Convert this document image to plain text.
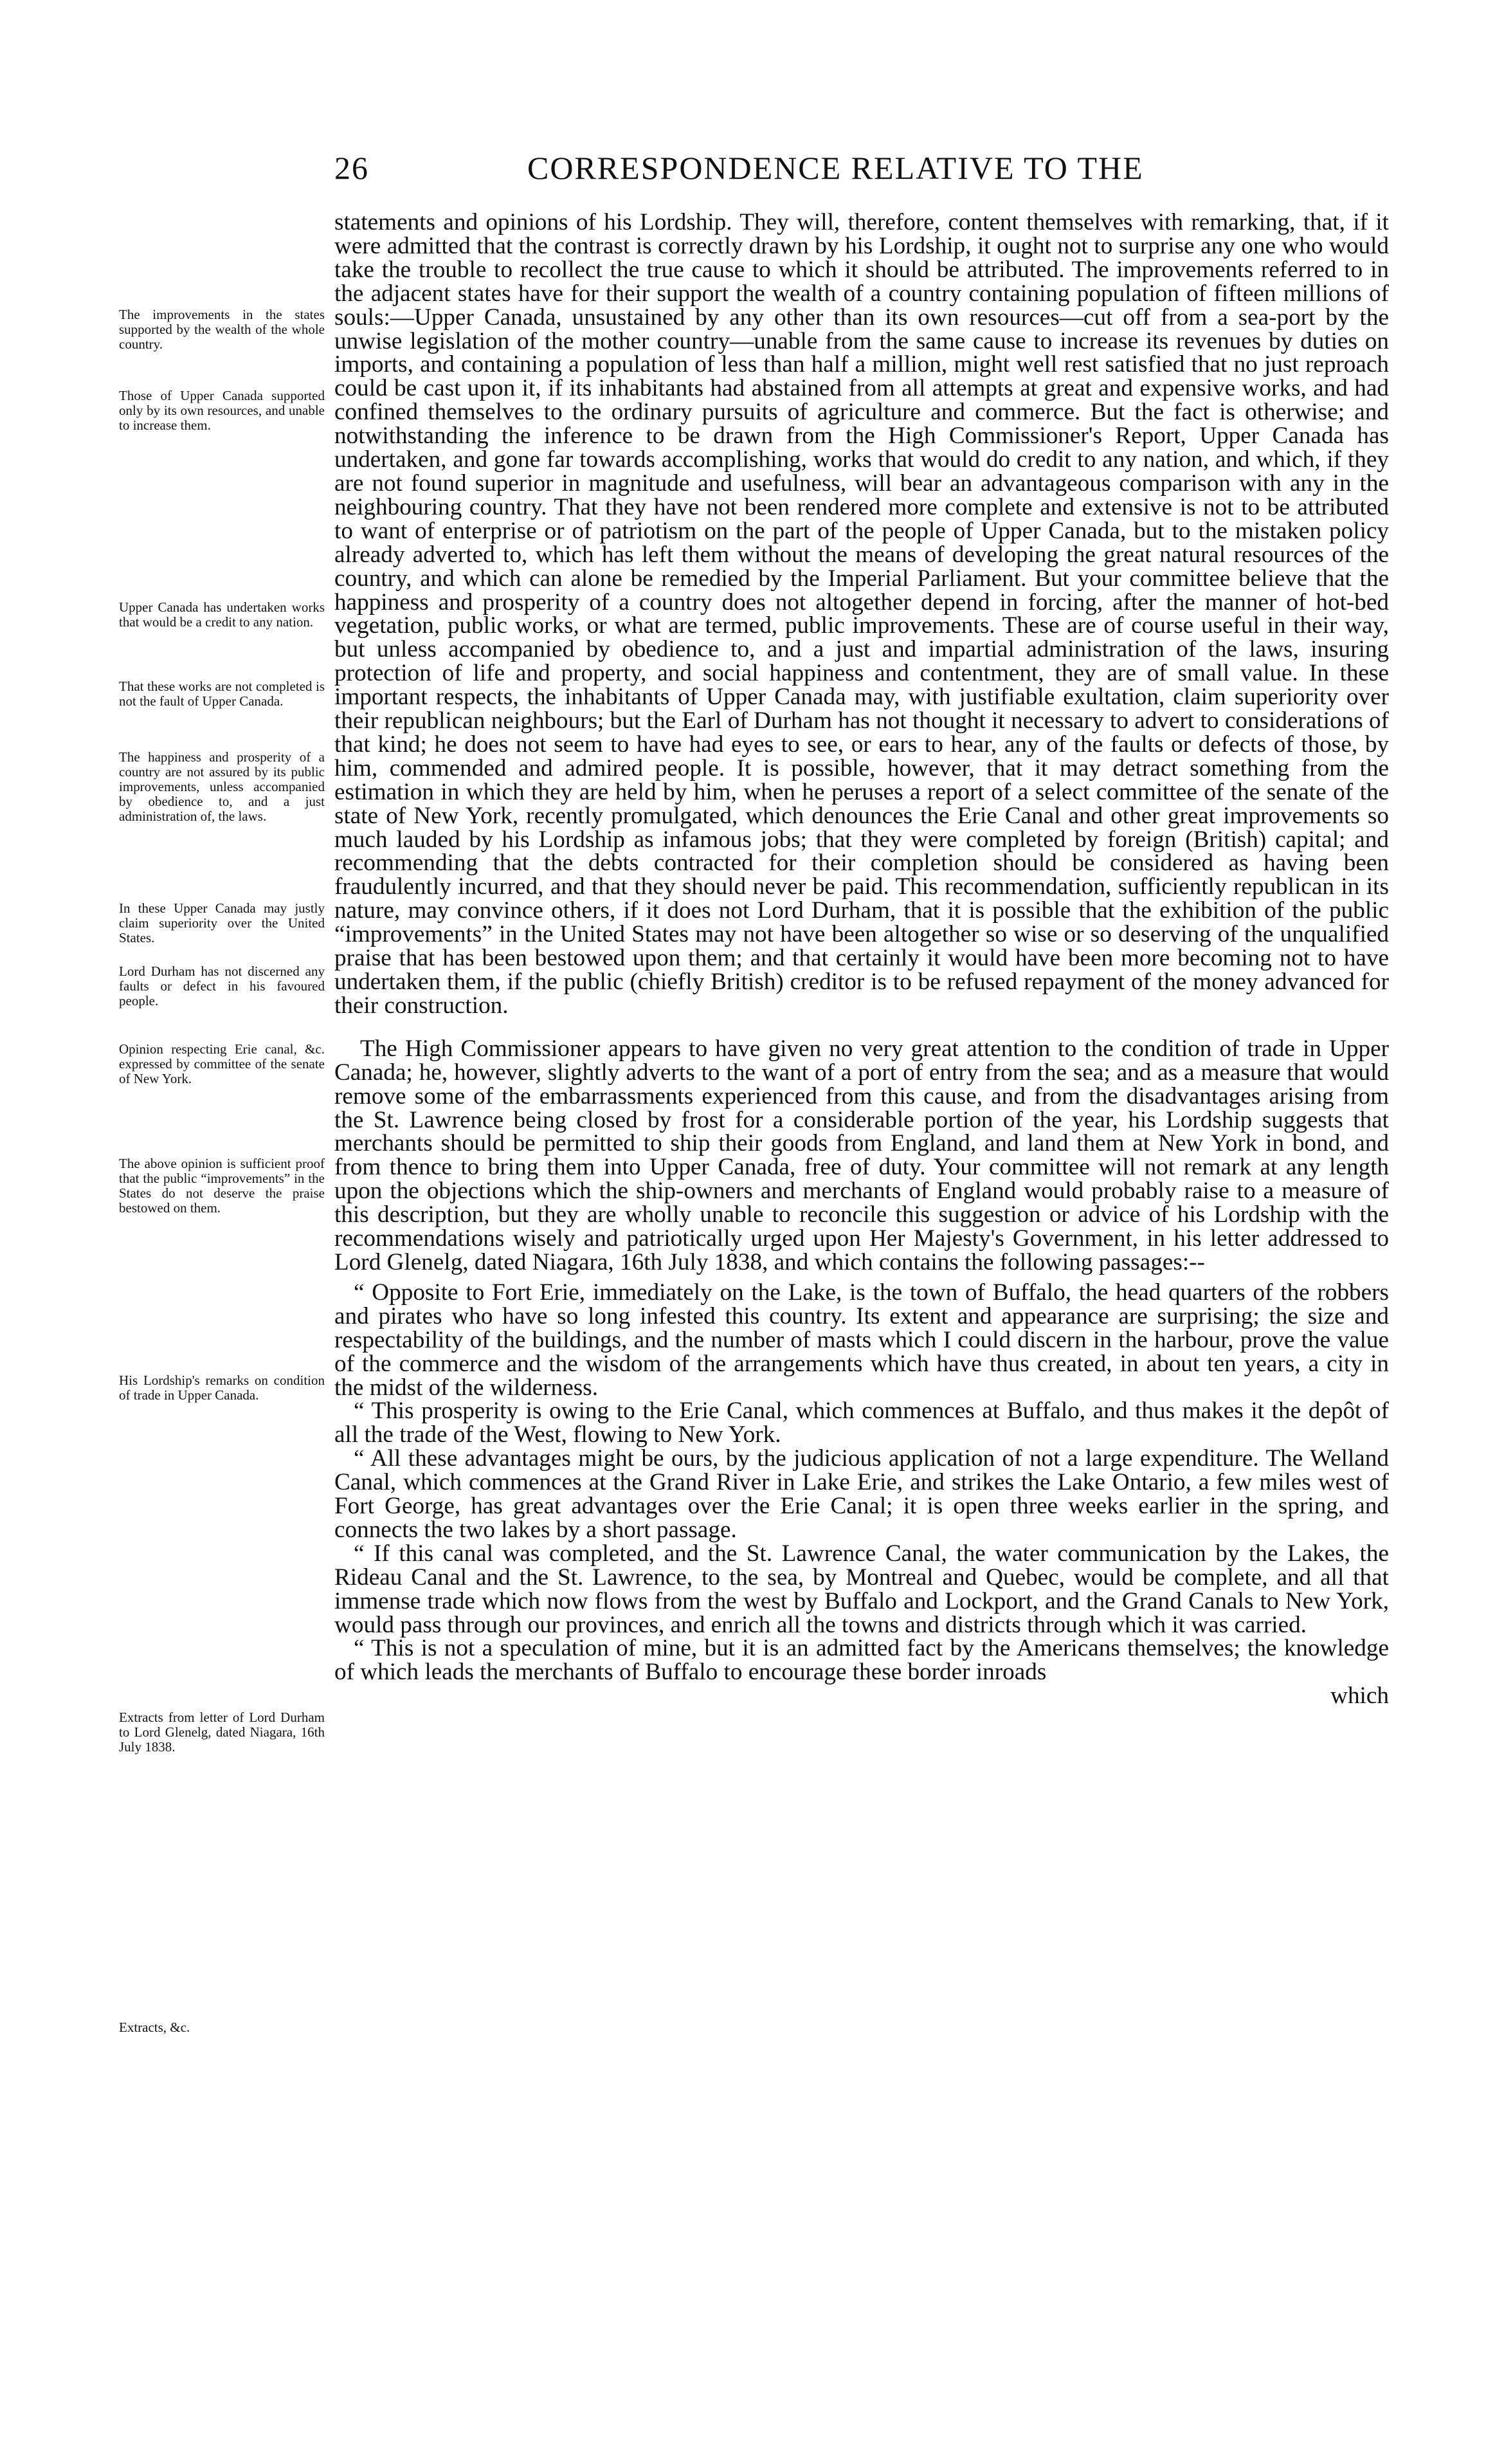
26	CORRESPONDENCE RELATIVE TO THE
The improvements in the states supported by the wealth of the whole country.
Those of Upper Canada supported only by its own resources, and unable to increase them.
Upper Canada has undertaken works that would be a credit to any nation.
That these works are not completed is not the fault of Upper Canada.
The happiness and prosperity of a country are not assured by its public improvements, unless accompanied by obedience to, and a just administration of, the laws.
In these Upper Canada may justly claim superiority over the United States.
Lord Durham has not discerned any faults or defect in his favoured people.
Opinion respecting Erie canal, &c. expressed by committee of the senate of New York.
The above opinion is sufficient proof that the public “improvements” in the States do not deserve the praise bestowed on them.
His Lordship's remarks on condition of trade in Upper Canada.
Extracts from letter of Lord Durham to Lord Glenelg, dated Niagara, 16th July 1838.
Extracts, &c.

statements and opinions of his Lordship. They will, therefore, content themselves with remarking, that, if it were admitted that the contrast is correctly drawn by his Lordship, it ought not to surprise any one who would take the trouble to recollect the true cause to which it should be attributed. The improvements referred to in the adjacent states have for their support the wealth of a country containing population of fifteen millions of souls:—Upper Canada, unsustained by any other than its own resources—cut off from a sea-port by the unwise legislation of the mother country—unable from the same cause to increase its revenues by duties on imports, and containing a population of less than half a million, might well rest satisfied that no just reproach could be cast upon it, if its inhabitants had abstained from all attempts at great and expensive works, and had confined themselves to the ordinary pursuits of agriculture and commerce. But the fact is otherwise; and notwithstanding the inference to be drawn from the High Commissioner's Report, Upper Canada has undertaken, and gone far towards accomplishing, works that would do credit to any nation, and which, if they are not found superior in magnitude and usefulness, will bear an advantageous comparison with any in the neighbouring country. That they have not been rendered more complete and extensive is not to be attributed to want of enterprise or of patriotism on the part of the people of Upper Canada, but to the mistaken policy already adverted to, which has left them without the means of developing the great natural resources of the country, and which can alone be remedied by the Imperial Parliament. But your committee believe that the happiness and prosperity of a country does not altogether depend in forcing, after the manner of hot-bed vegetation, public works, or what are termed, public improvements. These are of course useful in their way, but unless accompanied by obedience to, and a just and impartial administration of the laws, insuring protection of life and property, and social happiness and contentment, they are of small value. In these important respects, the inhabitants of Upper Canada may, with justifiable exultation, claim superiority over their republican neighbours; but the Earl of Durham has not thought it necessary to advert to considerations of that kind; he does not seem to have had eyes to see, or ears to hear, any of the faults or defects of those, by him, commended and admired people. It is possible, however, that it may detract something from the estimation in which they are held by him, when he peruses a report of a select committee of the senate of the state of New York, recently promulgated, which denounces the Erie Canal and other great improvements so much lauded by his Lordship as infamous jobs; that they were completed by foreign (British) capital; and recommending that the debts contracted for their completion should be considered as having been fraudulently incurred, and that they should never be paid. This recommendation, sufficiently republican in its nature, may convince others, if it does not Lord Durham, that it is possible that the exhibition of the public “improvements” in the United States may not have been altogether so wise or so deserving of the unqualified praise that has been bestowed upon them; and that certainly it would have been more becoming not to have undertaken them, if the public (chiefly British) creditor is to be refused repayment of the money advanced for their construction.

The High Commissioner appears to have given no very great attention to the condition of trade in Upper Canada; he, however, slightly adverts to the want of a port of entry from the sea; and as a measure that would remove some of the embarrassments experienced from this cause, and from the disadvantages arising from the St. Lawrence being closed by frost for a considerable portion of the year, his Lordship suggests that merchants should be permitted to ship their goods from England, and land them at New York in bond, and from thence to bring them into Upper Canada, free of duty. Your committee will not remark at any length upon the objections which the ship-owners and merchants of England would probably raise to a measure of this description, but they are wholly unable to reconcile this suggestion or advice of his Lordship with the recommendations wisely and patriotically urged upon Her Majesty's Government, in his letter addressed to Lord Glenelg, dated Niagara, 16th July 1838, and which contains the following passages:--

“ Opposite to Fort Erie, immediately on the Lake, is the town of Buffalo, the head quarters of the robbers and pirates who have so long infested this country. Its extent and appearance are surprising; the size and respectability of the buildings, and the number of masts which I could discern in the harbour, prove the value of the commerce and the wisdom of the arrangements which have thus created, in about ten years, a city in the midst of the wilderness.

“ This prosperity is owing to the Erie Canal, which commences at Buffalo, and thus makes it the depôt of all the trade of the West, flowing to New York.

“ All these advantages might be ours, by the judicious application of not a large expenditure. The Welland Canal, which commences at the Grand River in Lake Erie, and strikes the Lake Ontario, a few miles west of Fort George, has great advantages over the Erie Canal; it is open three weeks earlier in the spring, and connects the two lakes by a short passage.

“ If this canal was completed, and the St. Lawrence Canal, the water communication by the Lakes, the Rideau Canal and the St. Lawrence, to the sea, by Montreal and Quebec, would be complete, and all that immense trade which now flows from the west by Buffalo and Lockport, and the Grand Canals to New York, would pass through our provinces, and enrich all the towns and districts through which it was carried.

“ This is not a speculation of mine, but it is an admitted fact by the Americans themselves; the knowledge of which leads the merchants of Buffalo to encourage these border inroads

which
